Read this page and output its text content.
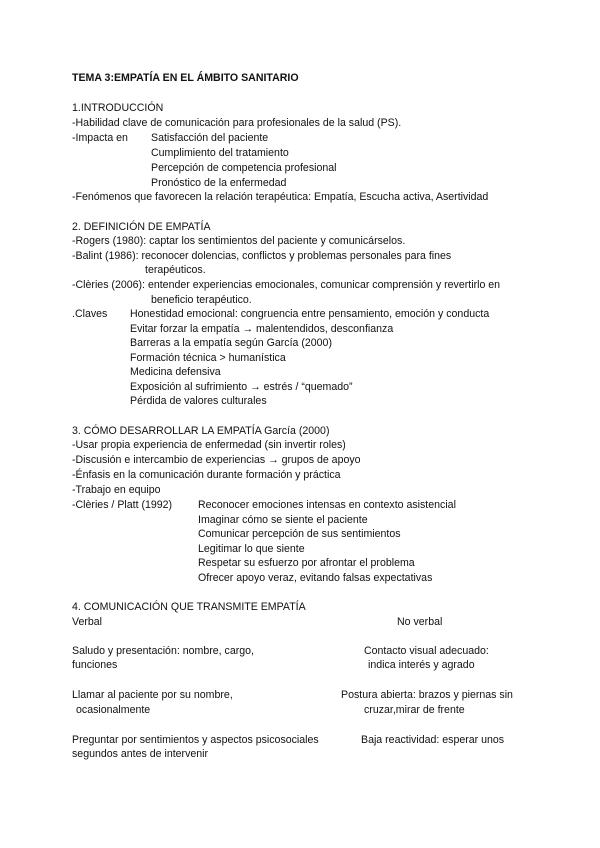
TEMA 3:EMPATÍA EN EL ÁMBITO SANITARIO
1.INTRODUCCIÓN
-Habilidad clave de comunicación para profesionales de la salud (PS).
-Impacta en Satisfacción del paciente
Cumplimiento del tratamiento
Percepción de competencia profesional
Pronóstico de la enfermedad
-Fenómenos que favorecen la relación terapéutica: Empatía, Escucha activa, Asertividad
2. DEFINICIÓN DE EMPATÍA
-Rogers (1980): captar los sentimientos del paciente y comunicárselos.
-Balint (1986): reconocer dolencias, conflictos y problemas personales para fines
terapéuticos.
-Clèries (2006): entender experiencias emocionales, comunicar comprensión y revertirlo en
beneficio terapéutico.
.Claves Honestidad emocional: congruencia entre pensamiento, emoción y conducta
Evitar forzar la empatía → malentendidos, desconfianza
Barreras a la empatía según García (2000)
Formación técnica > humanística
Medicina defensiva
Exposición al sufrimiento → estrés / “quemado”
Pérdida de valores culturales
3. CÓMO DESARROLLAR LA EMPATÍA García (2000)
-Usar propia experiencia de enfermedad (sin invertir roles)
-Discusión e intercambio de experiencias → grupos de apoyo
-Énfasis en la comunicación durante formación y práctica
-Trabajo en equipo
-Clèries / Platt (1992) Reconocer emociones intensas en contexto asistencial
Imaginar cómo se siente el paciente
Comunicar percepción de sus sentimientos
Legitimar lo que siente
Respetar su esfuerzo por afrontar el problema
Ofrecer apoyo veraz, evitando falsas expectativas
4. COMUNICACIÓN QUE TRANSMITE EMPATÍA
Verbal	No verbal
Saludo y presentación: nombre, cargo,
funciones
Contacto visual adecuado:
indica interés y agrado
Llamar al paciente por su nombre,
ocasionalmente
Postura abierta: brazos y piernas sin
cruzar,mirar de frente
Preguntar por sentimientos y aspectos psicosociales
segundos antes de intervenir
Baja reactividad: esperar unos
